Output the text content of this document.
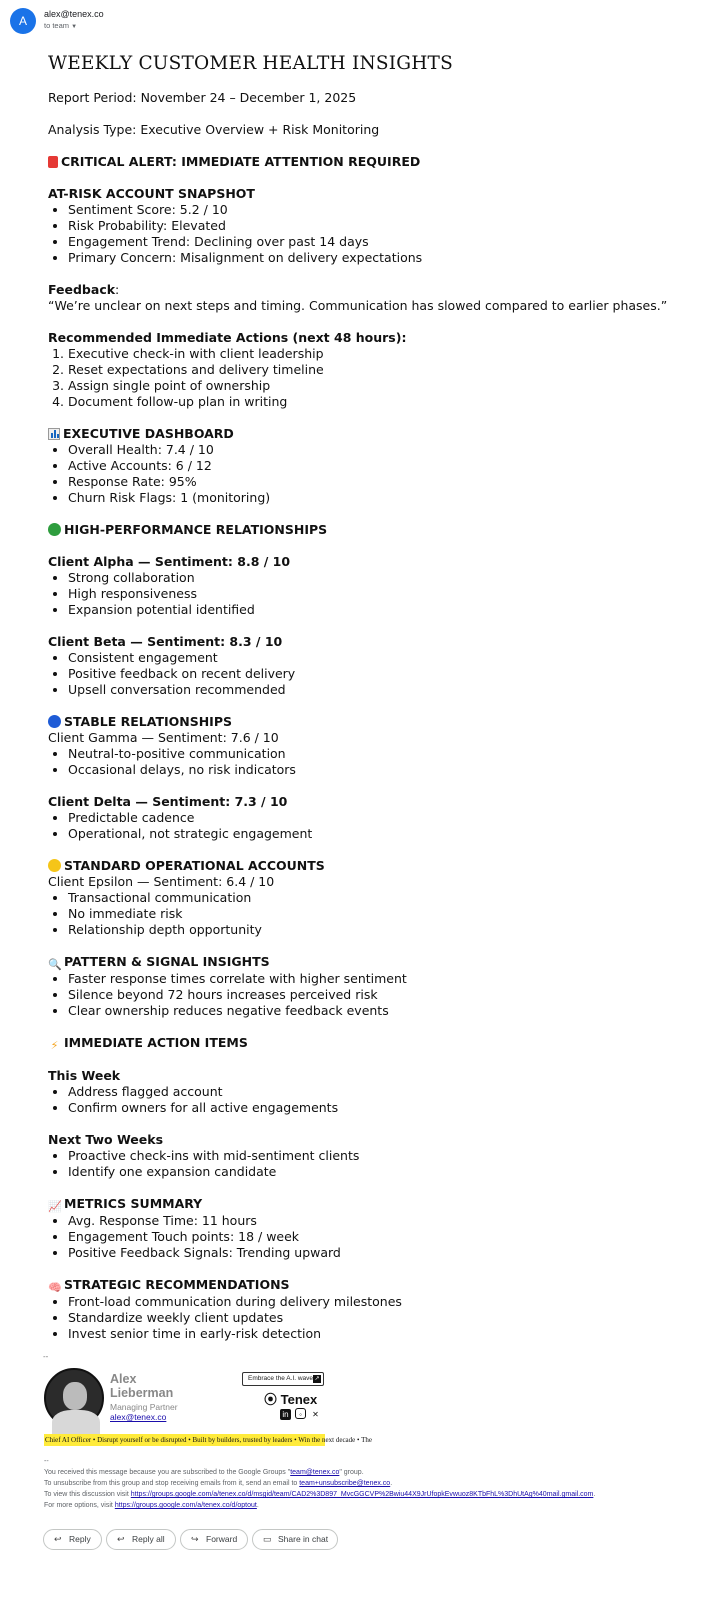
A	alex@tenex.co
to team ▼
WEEKLY CUSTOMER HEALTH INSIGHTS

Report Period: November 24 – December 1, 2025

Analysis Type: Executive Overview + Risk Monitoring

CRITICAL ALERT: IMMEDIATE ATTENTION REQUIRED

AT-RISK ACCOUNT SNAPSHOT

• Sentiment Score: 5.2 / 10
• Risk Probability: Elevated
• Engagement Trend: Declining over past 14 days
• Primary Concern: Misalignment on delivery expectations

Feedback:

“We’re unclear on next steps and timing. Communication has slowed compared to earlier phases.”

Recommended Immediate Actions (next 48 hours):

1. Executive check-in with client leadership
2. Reset expectations and delivery timeline
3. Assign single point of ownership
4. Document follow-up plan in writing

EXECUTIVE DASHBOARD

• Overall Health: 7.4 / 10
• Active Accounts: 6 / 12
• Response Rate: 95%
• Churn Risk Flags: 1 (monitoring)

HIGH-PERFORMANCE RELATIONSHIPS

Client Alpha — Sentiment: 8.8 / 10

• Strong collaboration
• High responsiveness
• Expansion potential identified

Client Beta — Sentiment: 8.3 / 10

• Consistent engagement
• Positive feedback on recent delivery
• Upsell conversation recommended

STABLE RELATIONSHIPS

Client Gamma — Sentiment: 7.6 / 10

• Neutral-to-positive communication
• Occasional delays, no risk indicators

Client Delta — Sentiment: 7.3 / 10

• Predictable cadence
• Operational, not strategic engagement

STANDARD OPERATIONAL ACCOUNTS

Client Epsilon — Sentiment: 6.4 / 10

• Transactional communication
• No immediate risk
• Relationship depth opportunity

🔍 PATTERN & SIGNAL INSIGHTS

• Faster response times correlate with higher sentiment
• Silence beyond 72 hours increases perceived risk
• Clear ownership reduces negative feedback events

⚡ IMMEDIATE ACTION ITEMS

This Week

• Address flagged account
• Confirm owners for all active engagements

Next Two Weeks

• Proactive check-ins with mid-sentiment clients
• Identify one expansion candidate

📈 METRICS SUMMARY

• Avg. Response Time: 11 hours
• Engagement Touch points: 18 / week
• Positive Feedback Signals: Trending upward

🧠 STRATEGIC RECOMMENDATIONS

• Front-load communication during delivery milestones
• Standardize weekly client updates
• Invest senior time in early-risk detection
--
Alex
Lieberman
Managing Partner
alex@tenex.co
Embrace the A.I. wave ↗
⦿ Tenex
in ◦ ✕
Chief AI Officer • Disrupt yourself or be disrupted • Built by builders, trusted by leaders • Win the next decade • The
--
You received this message because you are subscribed to the Google Groups "team@tenex.co" group.
To unsubscribe from this group and stop receiving emails from it, send an email to team+unsubscribe@tenex.co.
To view this discussion visit https://groups.google.com/a/tenex.co/d/msgid/team/CAD2%3D897_MvcGGCVP%2Bwiu44X9JrUfopkEvwuoz8KTbFhL%3DhUtAg%40mail.gmail.com.
For more options, visit https://groups.google.com/a/tenex.co/d/optout.
↩ Reply	↩ Reply all	↪ Forward	▭ Share in chat
